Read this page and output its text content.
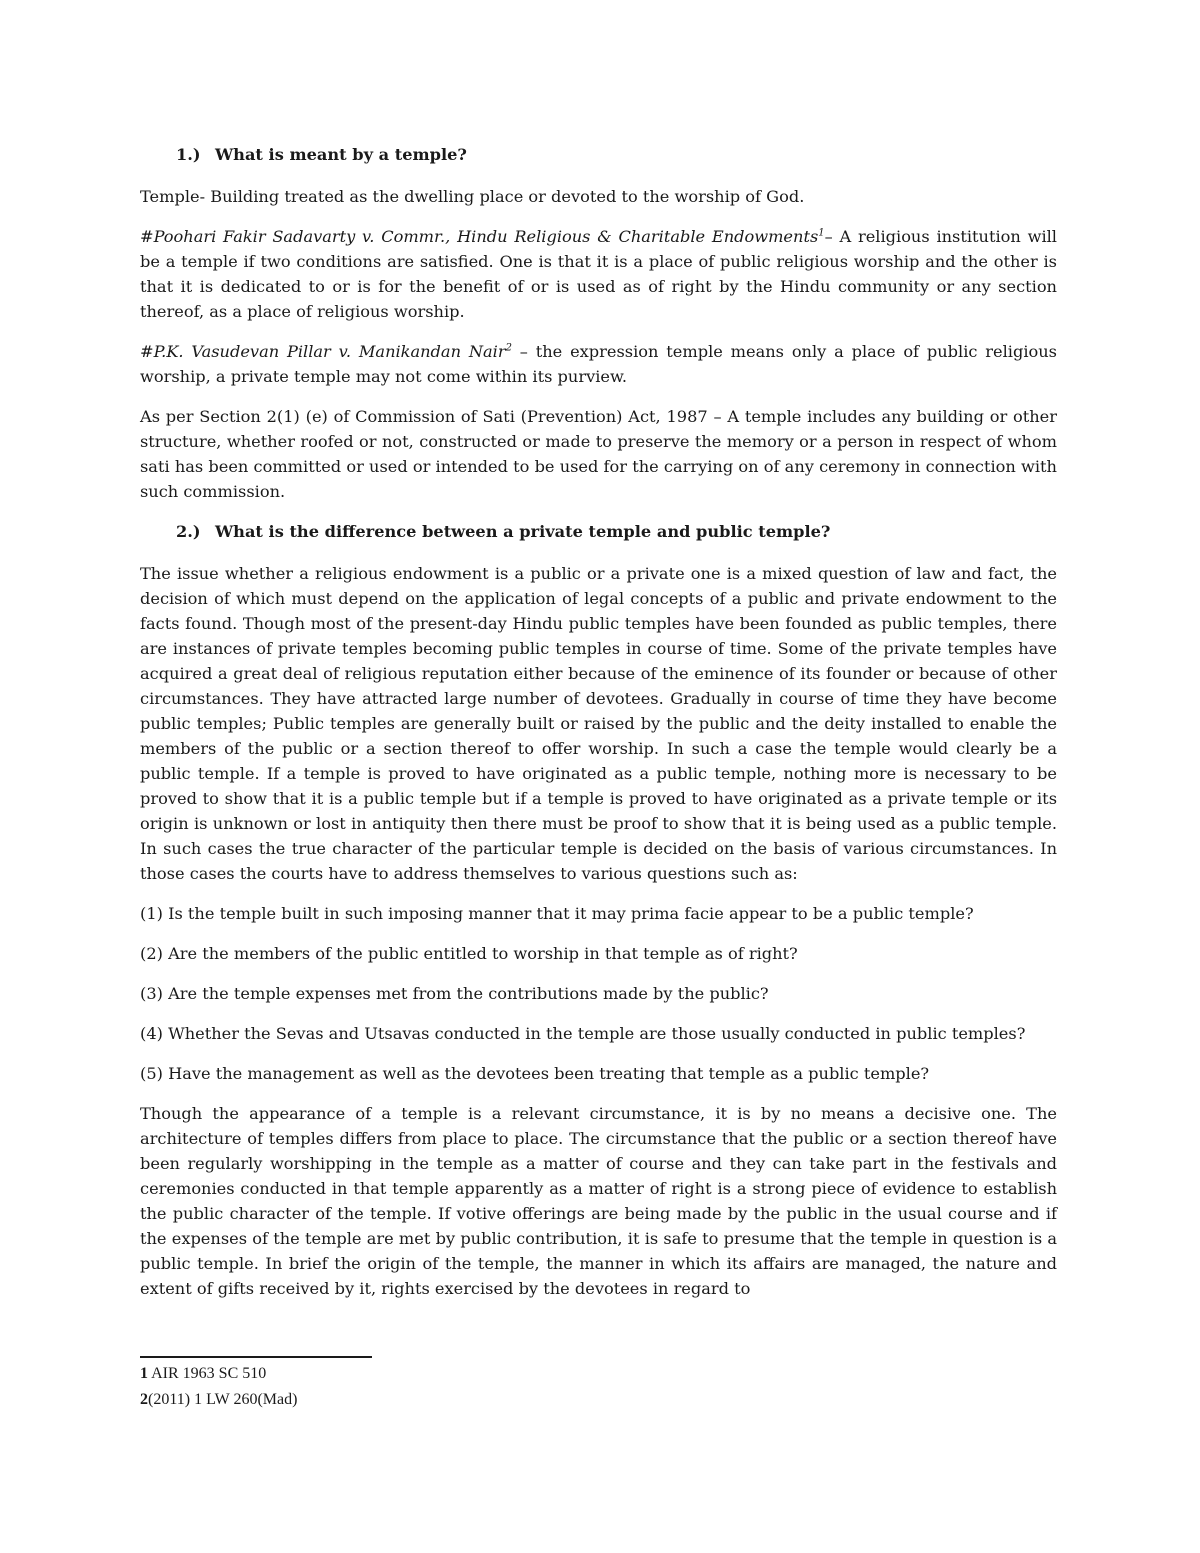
1.) What is meant by a temple?

Temple- Building treated as the dwelling place or devoted to the worship of God.

#Poohari Fakir Sadavarty v. Commr., Hindu Religious & Charitable Endowments$^1$– A religious institution will be a temple if two conditions are satisfied. One is that it is a place of public religious worship and the other is that it is dedicated to or is for the benefit of or is used as of right by the Hindu community or any section thereof, as a place of religious worship.

#P.K. Vasudevan Pillar v. Manikandan Nair$^2$ – the expression temple means only a place of public religious worship, a private temple may not come within its purview.

As per Section 2(1) (e) of Commission of Sati (Prevention) Act, 1987 – A temple includes any building or other structure, whether roofed or not, constructed or made to preserve the memory or a person in respect of whom sati has been committed or used or intended to be used for the carrying on of any ceremony in connection with such commission.

2.) What is the difference between a private temple and public temple?

The issue whether a religious endowment is a public or a private one is a mixed question of law and fact, the decision of which must depend on the application of legal concepts of a public and private endowment to the facts found. Though most of the present-day Hindu public temples have been founded as public temples, there are instances of private temples becoming public temples in course of time. Some of the private temples have acquired a great deal of religious reputation either because of the eminence of its founder or because of other circumstances. They have attracted large number of devotees. Gradually in course of time they have become public temples; Public temples are generally built or raised by the public and the deity installed to enable the members of the public or a section thereof to offer worship. In such a case the temple would clearly be a public temple. If a temple is proved to have originated as a public temple, nothing more is necessary to be proved to show that it is a public temple but if a temple is proved to have originated as a private temple or its origin is unknown or lost in antiquity then there must be proof to show that it is being used as a public temple. In such cases the true character of the particular temple is decided on the basis of various circumstances. In those cases the courts have to address themselves to various questions such as:

(1) Is the temple built in such imposing manner that it may prima facie appear to be a public temple?

(2) Are the members of the public entitled to worship in that temple as of right?

(3) Are the temple expenses met from the contributions made by the public?

(4) Whether the Sevas and Utsavas conducted in the temple are those usually conducted in public temples?

(5) Have the management as well as the devotees been treating that temple as a public temple?

Though the appearance of a temple is a relevant circumstance, it is by no means a decisive one. The architecture of temples differs from place to place. The circumstance that the public or a section thereof have been regularly worshipping in the temple as a matter of course and they can take part in the festivals and ceremonies conducted in that temple apparently as a matter of right is a strong piece of evidence to establish the public character of the temple. If votive offerings are being made by the public in the usual course and if the expenses of the temple are met by public contribution, it is safe to presume that the temple in question is a public temple. In brief the origin of the temple, the manner in which its affairs are managed, the nature and extent of gifts received by it, rights exercised by the devotees in regard to

1 AIR 1963 SC 510
2(2011) 1 LW 260(Mad)
